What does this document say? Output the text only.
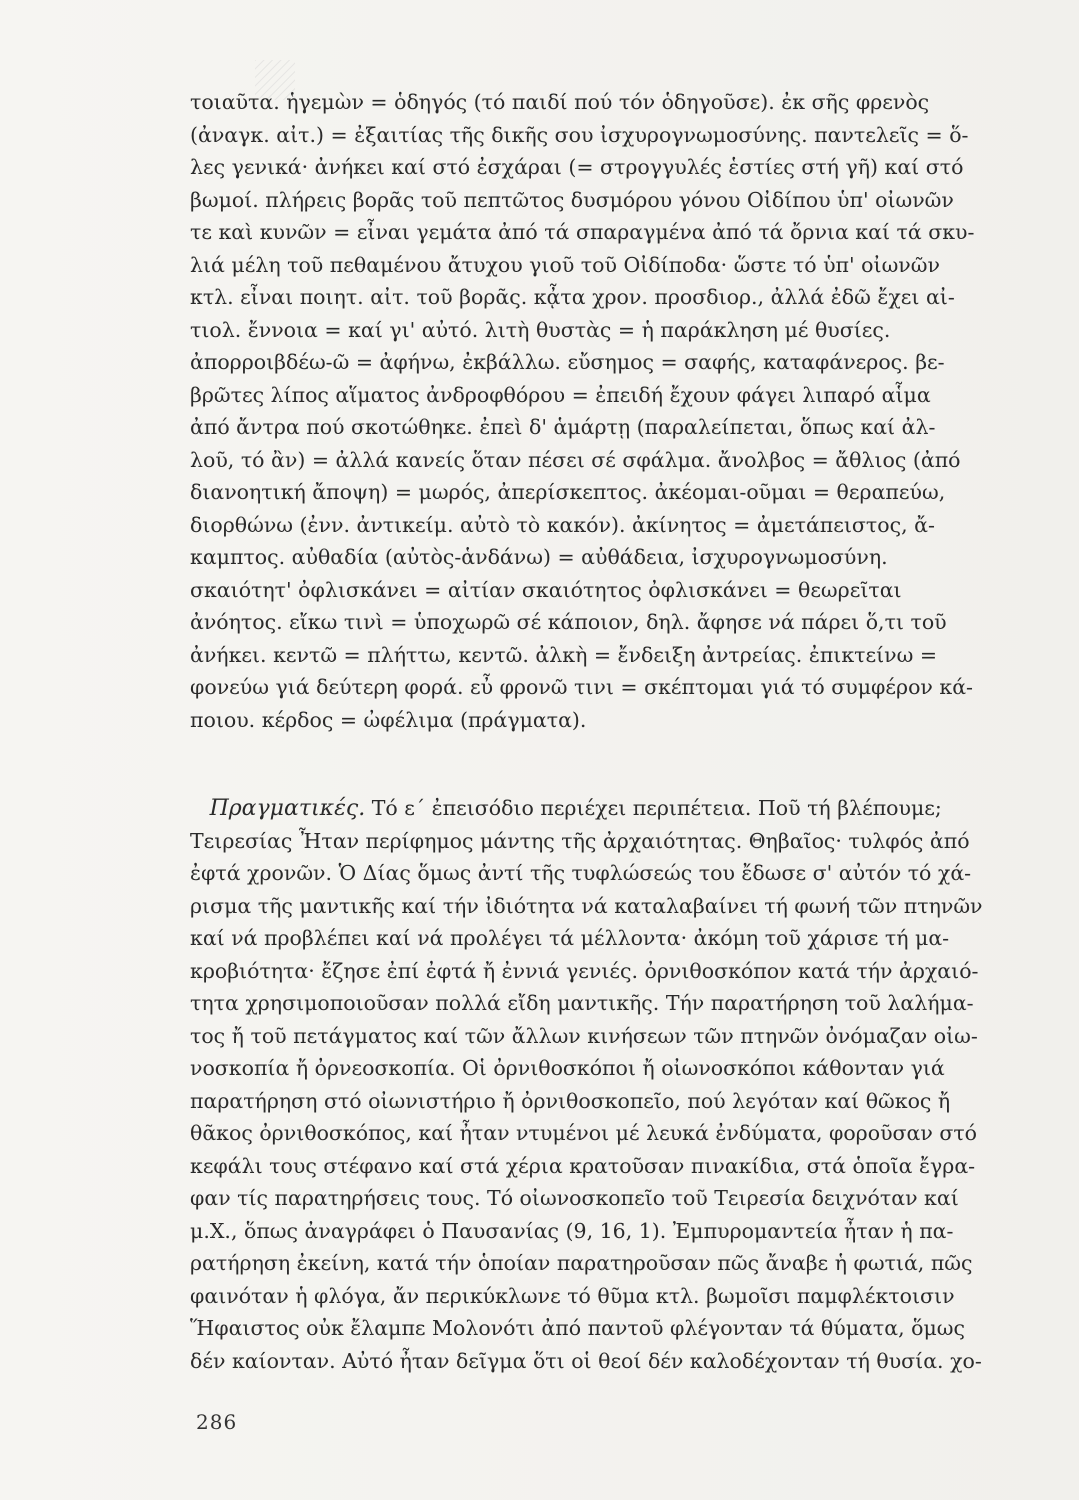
τοιαῦτα. ἡγεμὼν = ὁδηγός (τό παιδί πού τόν ὁδηγοῦσε). ἐκ σῆς φρενὸς
(ἀναγκ. αἰτ.) = ἐξαιτίας τῆς δικῆς σου ἰσχυρογνωμοσύνης. παντελεῖς = ὅ-
λες γενικά· ἀνήκει καί στό ἐσχάραι (= στρογγυλές ἑστίες στή γῆ) καί στό
βωμοί. πλήρεις βορᾶς τοῦ πεπτῶτος δυσμόρου γόνου Οἰδίπου ὑπ' οἰωνῶν
τε καὶ κυνῶν = εἶναι γεμάτα ἀπό τά σπαραγμένα ἀπό τά ὄρνια καί τά σκυ-
λιά μέλη τοῦ πεθαμένου ἄτυχου γιοῦ τοῦ Οἰδίποδα· ὥστε τό ὑπ' οἰωνῶν
κτλ. εἶναι ποιητ. αἰτ. τοῦ βορᾶς. κᾆτα χρον. προσδιορ., ἀλλά ἐδῶ ἔχει αἰ-
τιολ. ἔννοια = καί γι' αὐτό. λιτὴ θυστὰς = ἡ παράκληση μέ θυσίες.
ἀπορροιβδέω-ῶ = ἀφήνω, ἐκβάλλω. εὔσημος = σαφής, καταφάνερος. βε-
βρῶτες λίπος αἵματος ἀνδροφθόρου = ἐπειδή ἔχουν φάγει λιπαρό αἷμα
ἀπό ἄντρα πού σκοτώθηκε. ἐπεὶ δ' ἁμάρτῃ (παραλείπεται, ὅπως καί ἀλ-
λοῦ, τό ἂν) = ἀλλά κανείς ὅταν πέσει σέ σφάλμα. ἄνολβος = ἄθλιος (ἀπό
διανοητική ἄποψη) = μωρός, ἀπερίσκεπτος. ἀκέομαι-οῦμαι = θεραπεύω,
διορθώνω (ἐνν. ἀντικείμ. αὐτὸ τὸ κακόν). ἀκίνητος = ἀμετάπειστος, ἄ-
καμπτος. αὐθαδία (αὐτὸς-ἁνδάνω) = αὐθάδεια, ἰσχυρογνωμοσύνη.
σκαιότητ' ὀφλισκάνει = αἰτίαν σκαιότητος ὀφλισκάνει = θεωρεῖται
ἀνόητος. εἴκω τινὶ = ὑποχωρῶ σέ κάποιον, δηλ. ἄφησε νά πάρει ὅ,τι τοῦ
ἀνήκει. κεντῶ = πλήττω, κεντῶ. ἀλκὴ = ἔνδειξη ἀντρείας. ἐπικτείνω =
φονεύω γιά δεύτερη φορά. εὖ φρονῶ τινι = σκέπτομαι γιά τό συμφέρον κά-
ποιου. κέρδος = ὠφέλιμα (πράγματα).
Πραγματικές. Τό ε΄ ἐπεισόδιο περιέχει περιπέτεια. Ποῦ τή βλέπουμε;
Τειρεσίας Ἦταν περίφημος μάντης τῆς ἀρχαιότητας. Θηβαῖος· τυλφός ἀπό
ἐφτά χρονῶν. Ὁ Δίας ὅμως ἀντί τῆς τυφλώσεώς του ἔδωσε σ' αὐτόν τό χά-
ρισμα τῆς μαντικῆς καί τήν ἰδιότητα νά καταλαβαίνει τή φωνή τῶν πτηνῶν
καί νά προβλέπει καί νά προλέγει τά μέλλοντα· ἀκόμη τοῦ χάρισε τή μα-
κροβιότητα· ἔζησε ἐπί ἐφτά ἤ ἐννιά γενιές. ὀρνιθοσκόπον κατά τήν ἀρχαιό-
τητα χρησιμοποιοῦσαν πολλά εἴδη μαντικῆς. Τήν παρατήρηση τοῦ λαλήμα-
τος ἤ τοῦ πετάγματος καί τῶν ἄλλων κινήσεων τῶν πτηνῶν ὀνόμαζαν οἰω-
νοσκοπία ἤ ὀρνεοσκοπία. Οἱ ὀρνιθοσκόποι ἤ οἰωνοσκόποι κάθονταν γιά
παρατήρηση στό οἰωνιστήριο ἤ ὀρνιθοσκοπεῖο, πού λεγόταν καί θῶκος ἤ
θᾶκος ὀρνιθοσκόπος, καί ἦταν ντυμένοι μέ λευκά ἐνδύματα, φοροῦσαν στό
κεφάλι τους στέφανο καί στά χέρια κρατοῦσαν πινακίδια, στά ὁποῖα ἔγρα-
φαν τίς παρατηρήσεις τους. Τό οἰωνοσκοπεῖο τοῦ Τειρεσία δειχνόταν καί
μ.Χ., ὅπως ἀναγράφει ὁ Παυσανίας (9, 16, 1). Ἐμπυρομαντεία ἦταν ἡ πα-
ρατήρηση ἐκείνη, κατά τήν ὁποίαν παρατηροῦσαν πῶς ἄναβε ἡ φωτιά, πῶς
φαινόταν ἡ φλόγα, ἄν περικύκλωνε τό θῦμα κτλ. βωμοῖσι παμφλέκτοισιν
Ἥφαιστος οὐκ ἔλαμπε Μολονότι ἀπό παντοῦ φλέγονταν τά θύματα, ὅμως
δέν καίονταν. Αὐτό ἦταν δεῖγμα ὅτι οἱ θεοί δέν καλοδέχονταν τή θυσία. χο-
286
